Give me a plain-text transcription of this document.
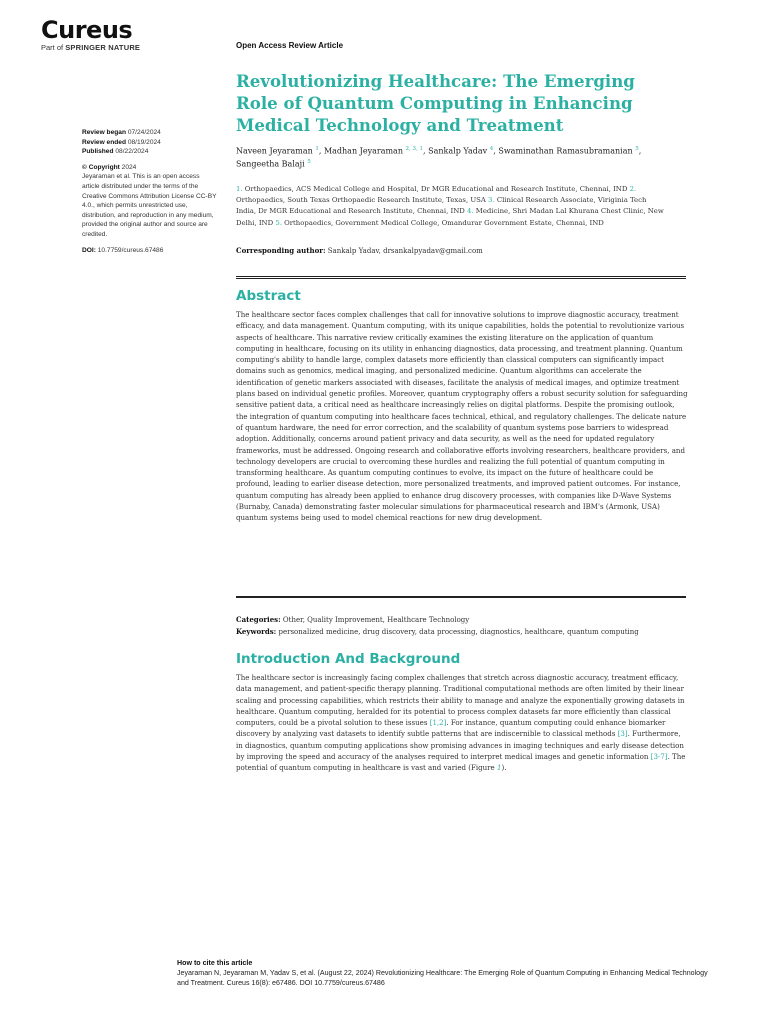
Cureus
Part of SPRINGER NATURE	Open Access Review Article
Revolutionizing Healthcare: The Emerging Role of Quantum Computing in Enhancing Medical Technology and Treatment
Review began 07/24/2024
Review ended 08/19/2024
Published 08/22/2024
© Copyright 2024
Jeyaraman et al. This is an open access article distributed under the terms of the Creative Commons Attribution License CC-BY 4.0., which permits unrestricted use, distribution, and reproduction in any medium, provided the original author and source are credited.
DOI: 10.7759/cureus.67486
Naveen Jeyaraman $^1$, Madhan Jeyaraman $^{2, 3, 1}$, Sankalp Yadav $^4$, Swaminathan Ramasubramanian $^5$,
Sangeetha Balaji $^5$
1. Orthopaedics, ACS Medical College and Hospital, Dr MGR Educational and Research Institute, Chennai, IND 2. Orthopaedics, South Texas Orthopaedic Research Institute, Texas, USA 3. Clinical Research Associate, Viriginia Tech India, Dr MGR Educational and Research Institute, Chennai, IND 4. Medicine, Shri Madan Lal Khurana Chest Clinic, New Delhi, IND 5. Orthopaedics, Government Medical College, Omandurar Government Estate, Chennai, IND
Corresponding author: Sankalp Yadav, drsankalpyadav@gmail.com
Abstract

The healthcare sector faces complex challenges that call for innovative solutions to improve diagnostic accuracy, treatment efficacy, and data management. Quantum computing, with its unique capabilities, holds the potential to revolutionize various aspects of healthcare. This narrative review critically examines the existing literature on the application of quantum computing in healthcare, focusing on its utility in enhancing diagnostics, data processing, and treatment planning. Quantum computing's ability to handle large, complex datasets more efficiently than classical computers can significantly impact domains such as genomics, medical imaging, and personalized medicine. Quantum algorithms can accelerate the identification of genetic markers associated with diseases, facilitate the analysis of medical images, and optimize treatment plans based on individual genetic profiles. Moreover, quantum cryptography offers a robust security solution for safeguarding sensitive patient data, a critical need as healthcare increasingly relies on digital platforms. Despite the promising outlook, the integration of quantum computing into healthcare faces technical, ethical, and regulatory challenges. The delicate nature of quantum hardware, the need for error correction, and the scalability of quantum systems pose barriers to widespread adoption. Additionally, concerns around patient privacy and data security, as well as the need for updated regulatory frameworks, must be addressed. Ongoing research and collaborative efforts involving researchers, healthcare providers, and technology developers are crucial to overcoming these hurdles and realizing the full potential of quantum computing in transforming healthcare. As quantum computing continues to evolve, its impact on the future of healthcare could be profound, leading to earlier disease detection, more personalized treatments, and improved patient outcomes. For instance, quantum computing has already been applied to enhance drug discovery processes, with companies like D-Wave Systems (Burnaby, Canada) demonstrating faster molecular simulations for pharmaceutical research and IBM's (Armonk, USA) quantum systems being used to model chemical reactions for new drug development.

Categories: Other, Quality Improvement, Healthcare Technology
Keywords: personalized medicine, drug discovery, data processing, diagnostics, healthcare, quantum computing
Introduction And Background

The healthcare sector is increasingly facing complex challenges that stretch across diagnostic accuracy, treatment efficacy, data management, and patient-specific therapy planning. Traditional computational methods are often limited by their linear scaling and processing capabilities, which restricts their ability to manage and analyze the exponentially growing datasets in healthcare. Quantum computing, heralded for its potential to process complex datasets far more efficiently than classical computers, could be a pivotal solution to these issues [1,2]. For instance, quantum computing could enhance biomarker discovery by analyzing vast datasets to identify subtle patterns that are indiscernible to classical methods [3]. Furthermore, in diagnostics, quantum computing applications show promising advances in imaging techniques and early disease detection by improving the speed and accuracy of the analyses required to interpret medical images and genetic information [3-7]. The potential of quantum computing in healthcare is vast and varied (Figure 1).

How to cite this article
Jeyaraman N, Jeyaraman M, Yadav S, et al. (August 22, 2024) Revolutionizing Healthcare: The Emerging Role of Quantum Computing in Enhancing Medical Technology and Treatment. Cureus 16(8): e67486. DOI 10.7759/cureus.67486
